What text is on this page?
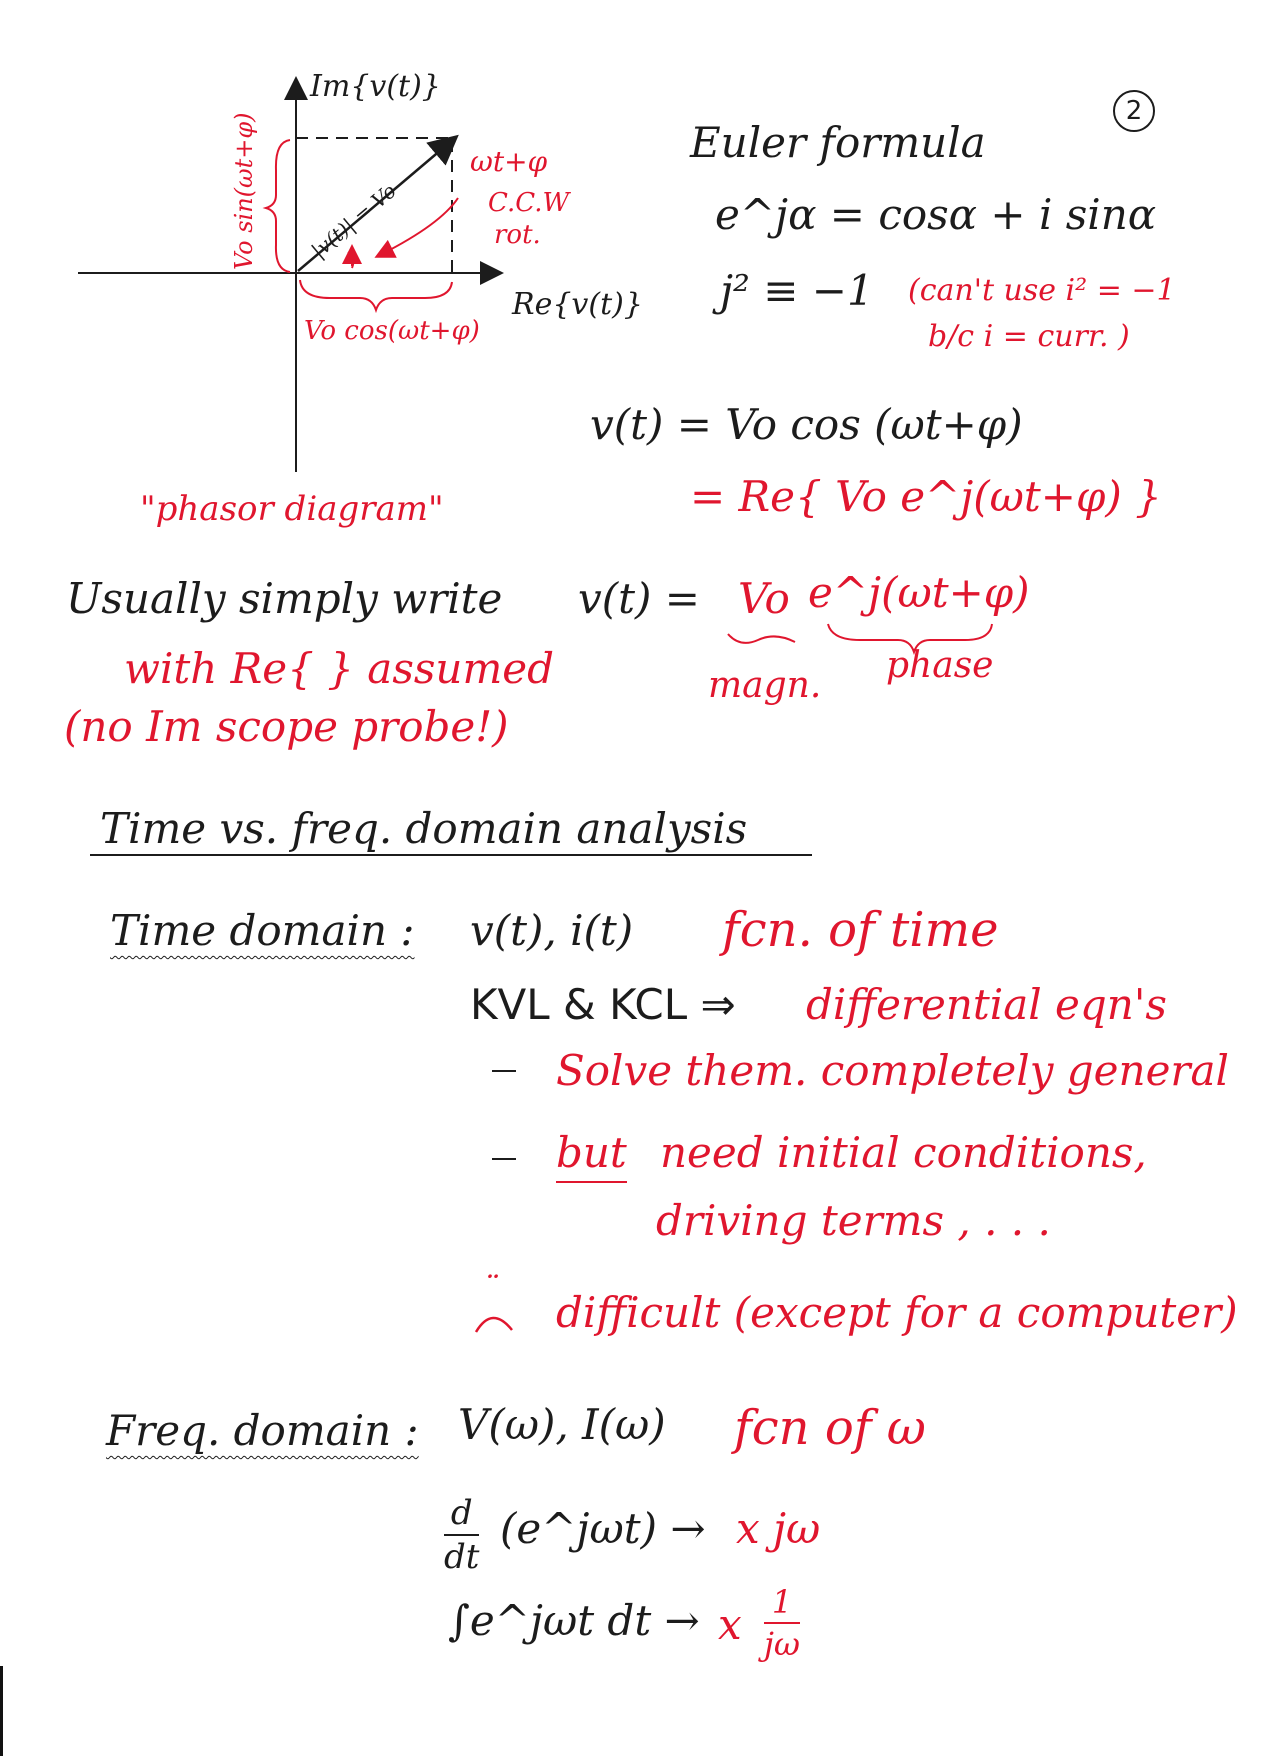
2
Im{v(t)}
Re{v(t)}
|v(t)| = Vo
Vo sin(ωt+φ)
Vo cos(ωt+φ)
ωt+φ
C.C.W
rot.
"phasor diagram"
Euler formula
e^jα = cosα + i sinα
j² ≡ −1 (can't use i² = −1
b/c i = curr. )
v(t) = Vo cos (ωt+φ)
= Re{ Vo e^j(ωt+φ) }
Usually simply write v(t) = Vo e^j(ωt+φ)
magn. phase
with Re{ } assumed
(no Im scope probe!)
Time vs. freq. domain analysis
Time domain : v(t), i(t) fcn. of time
KVL & KCL ⇒ differential eqn's
Solve them. completely general
but need initial conditions,
driving terms , . . .
¨ difficult (except for a computer)
Freq. domain : V(ω), I(ω) fcn of ω
d
dt
(e^jωt) → x jω
∫e^jωt dt → x 1
jω
